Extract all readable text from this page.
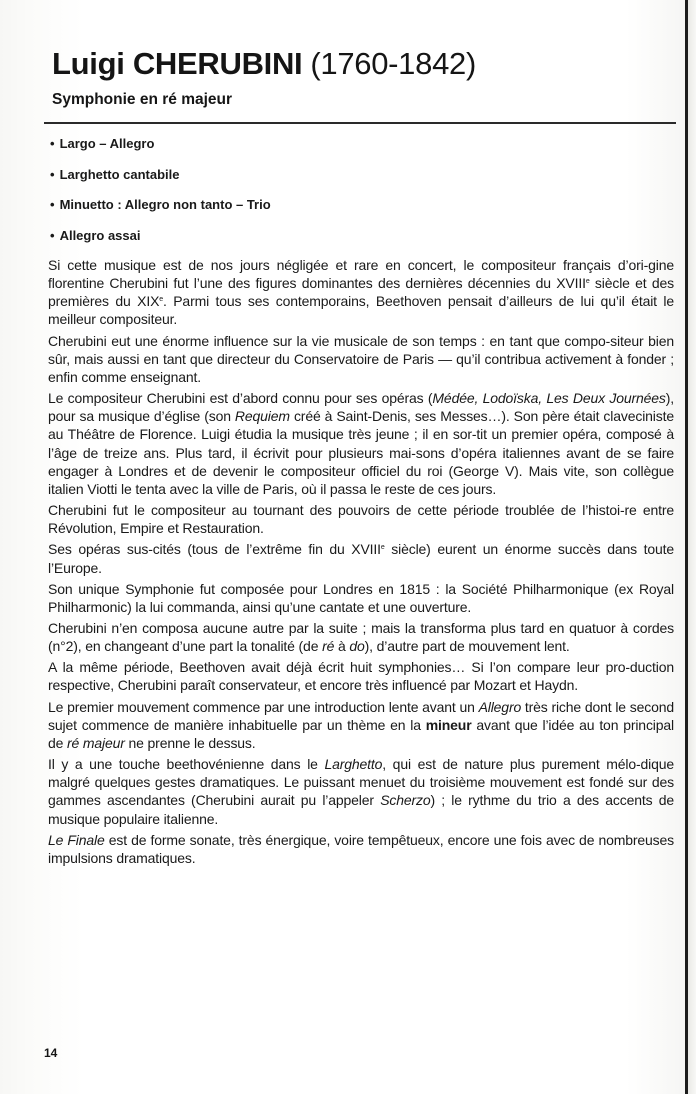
Luigi CHERUBINI (1760-1842)
Symphonie en ré majeur
• Largo – Allegro
• Larghetto cantabile
• Minuetto : Allegro non tanto – Trio
• Allegro assai

Si cette musique est de nos jours négligée et rare en concert, le compositeur français d’ori-gine florentine Cherubini fut l’une des figures dominantes des dernières décennies du XVIIIe siècle et des premières du XIXe. Parmi tous ses contemporains, Beethoven pensait d’ailleurs de lui qu’il était le meilleur compositeur.

Cherubini eut une énorme influence sur la vie musicale de son temps : en tant que compo-siteur bien sûr, mais aussi en tant que directeur du Conservatoire de Paris — qu’il contribua activement à fonder ; enfin comme enseignant.

Le compositeur Cherubini est d’abord connu pour ses opéras (Médée, Lodoïska, Les Deux Journées), pour sa musique d’église (son Requiem créé à Saint-Denis, ses Messes…). Son père était claveciniste au Théâtre de Florence. Luigi étudia la musique très jeune ; il en sor-tit un premier opéra, composé à l’âge de treize ans. Plus tard, il écrivit pour plusieurs mai-sons d’opéra italiennes avant de se faire engager à Londres et de devenir le compositeur officiel du roi (George V). Mais vite, son collègue italien Viotti le tenta avec la ville de Paris, où il passa le reste de ces jours.

Cherubini fut le compositeur au tournant des pouvoirs de cette période troublée de l’histoi-re entre Révolution, Empire et Restauration.

Ses opéras sus-cités (tous de l’extrême fin du XVIIIe siècle) eurent un énorme succès dans toute l’Europe.

Son unique Symphonie fut composée pour Londres en 1815 : la Société Philharmonique (ex Royal Philharmonic) la lui commanda, ainsi qu’une cantate et une ouverture.

Cherubini n’en composa aucune autre par la suite ; mais la transforma plus tard en quatuor à cordes (n°2), en changeant d’une part la tonalité (de ré à do), d’autre part de mouvement lent.

A la même période, Beethoven avait déjà écrit huit symphonies… Si l’on compare leur pro-duction respective, Cherubini paraît conservateur, et encore très influencé par Mozart et Haydn.

Le premier mouvement commence par une introduction lente avant un Allegro très riche dont le second sujet commence de manière inhabituelle par un thème en la mineur avant que l’idée au ton principal de ré majeur ne prenne le dessus.

Il y a une touche beethovénienne dans le Larghetto, qui est de nature plus purement mélo-dique malgré quelques gestes dramatiques. Le puissant menuet du troisième mouvement est fondé sur des gammes ascendantes (Cherubini aurait pu l’appeler Scherzo) ; le rythme du trio a des accents de musique populaire italienne.

Le Finale est de forme sonate, très énergique, voire tempêtueux, encore une fois avec de nombreuses impulsions dramatiques.

14
